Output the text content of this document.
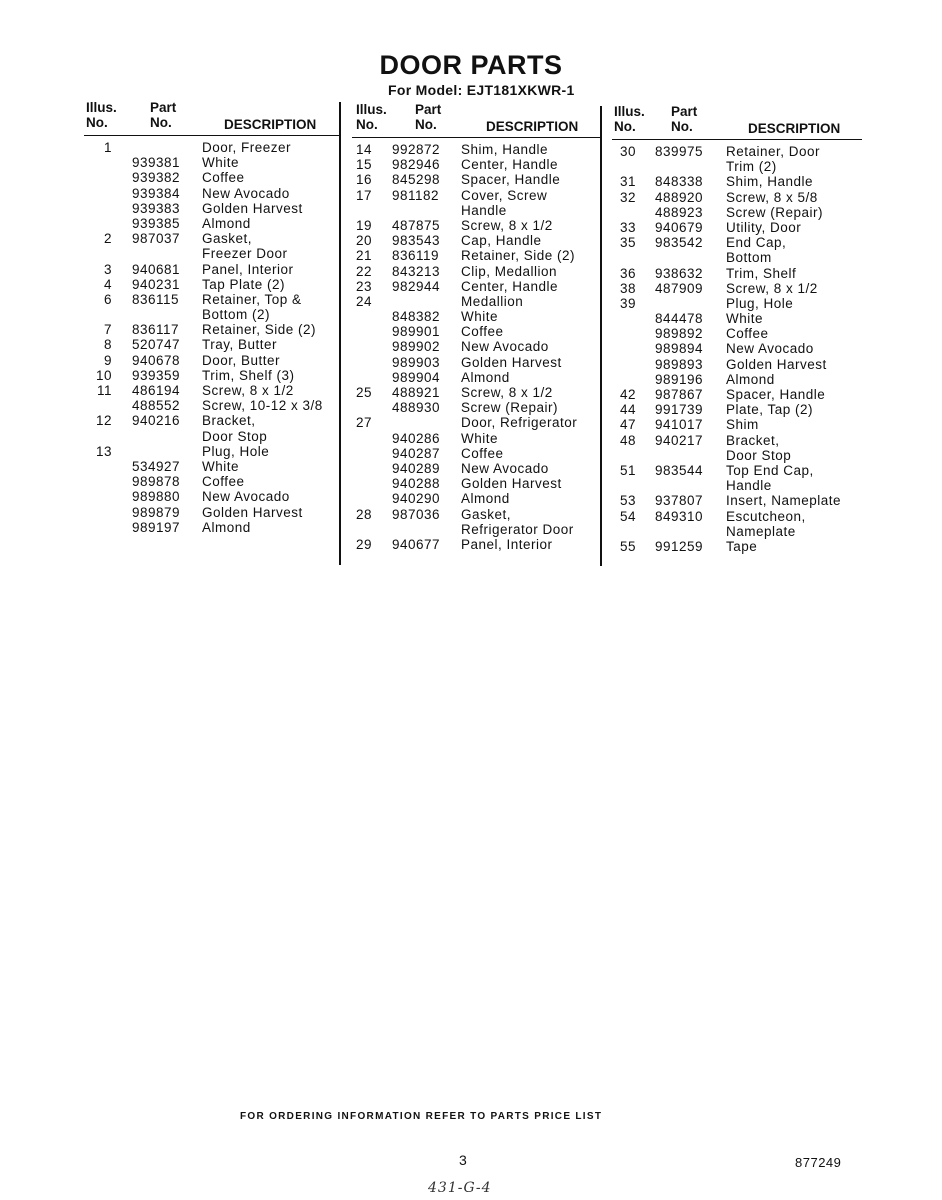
DOOR PARTS
For Model: EJT181XKWR-1
Illus.
No.
Part
No.	DESCRIPTION
1	Door, Freezer
939381 White
939382 Coffee
939384 New Avocado
939383 Golden Harvest
939385 Almond
2 987037 Gasket,
Freezer Door
3 940681 Panel, Interior
4 940231 Tap Plate (2)
6 836115 Retainer, Top &
Bottom (2)
7 836117 Retainer, Side (2)
8 520747 Tray, Butter
9 940678 Door, Butter
10 939359 Trim, Shelf (3)
11 486194 Screw, 8 x 1/2
488552 Screw, 10-12 x 3/8
12 940216 Bracket,
Door Stop
13	Plug, Hole
534927 White
989878 Coffee
989880 New Avocado
989879 Golden Harvest
989197 Almond
Illus.
No.
Part
No.	DESCRIPTION
14 992872 Shim, Handle
15 982946 Center, Handle
16 845298 Spacer, Handle
17 981182 Cover, Screw
Handle
19 487875 Screw, 8 x 1/2
20 983543 Cap, Handle
21 836119 Retainer, Side (2)
22 843213 Clip, Medallion
23 982944 Center, Handle
24	Medallion
848382 White
989901 Coffee
989902 New Avocado
989903 Golden Harvest
989904 Almond
25 488921 Screw, 8 x 1/2
488930 Screw (Repair)
27	Door, Refrigerator
940286 White
940287 Coffee
940289 New Avocado
940288 Golden Harvest
940290 Almond
28 987036 Gasket,
Refrigerator Door
29 940677 Panel, Interior
Illus.
No.
Part
No.	DESCRIPTION
30 839975 Retainer, Door
Trim (2)
31 848338 Shim, Handle
32 488920 Screw, 8 x 5/8
488923 Screw (Repair)
33 940679 Utility, Door
35 983542 End Cap,
Bottom
36 938632 Trim, Shelf
38 487909 Screw, 8 x 1/2
39	Plug, Hole
844478 White
989892 Coffee
989894 New Avocado
989893 Golden Harvest
989196 Almond
42 987867 Spacer, Handle
44 991739 Plate, Tap (2)
47 941017 Shim
48 940217 Bracket,
Door Stop
51 983544 Top End Cap,
Handle
53 937807 Insert, Nameplate
54 849310 Escutcheon,
Nameplate
55 991259 Tape
FOR ORDERING INFORMATION REFER TO PARTS PRICE LIST
3	877249
431-G-4
